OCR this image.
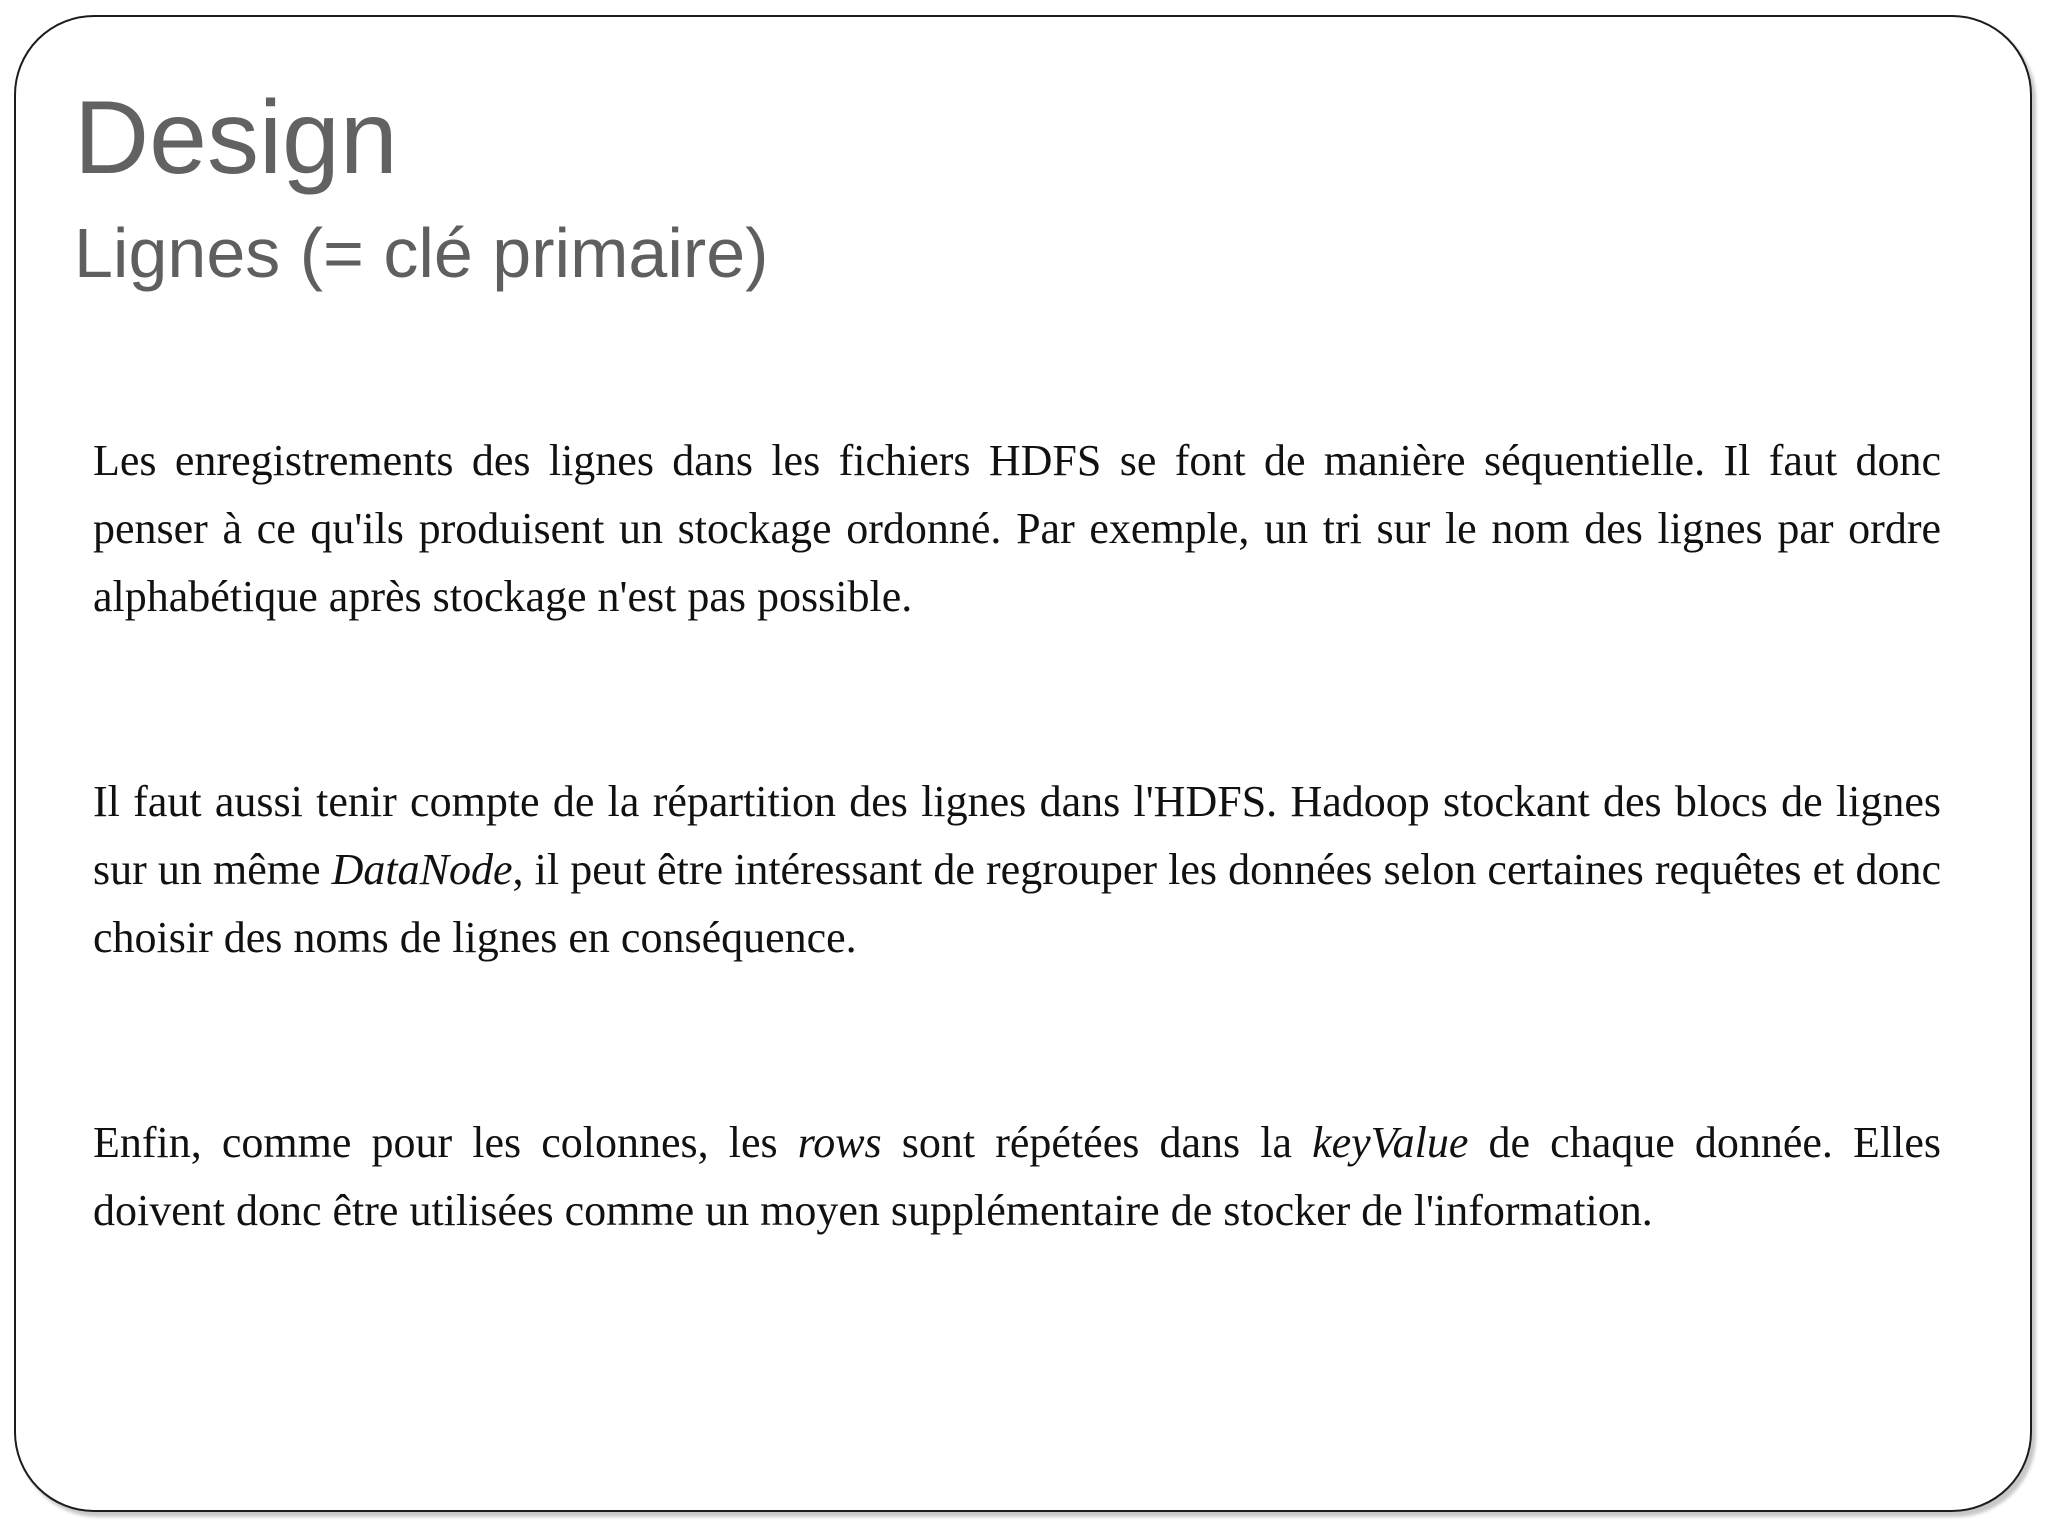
Design
Lignes (= clé primaire)

Les enregistrements des lignes dans les fichiers HDFS se font de manière séquentielle. Il faut donc penser à ce qu'ils produisent un stockage ordonné. Par exemple, un tri sur le nom des lignes par ordre alphabétique après stockage n'est pas possible.

Il faut aussi tenir compte de la répartition des lignes dans l'HDFS. Hadoop stockant des blocs de lignes sur un même DataNode, il peut être intéressant de regrouper les données selon certaines requêtes et donc choisir des noms de lignes en conséquence.

Enfin, comme pour les colonnes, les rows sont répétées dans la keyValue de chaque donnée. Elles doivent donc être utilisées comme un moyen supplémentaire de stocker de l'information.
